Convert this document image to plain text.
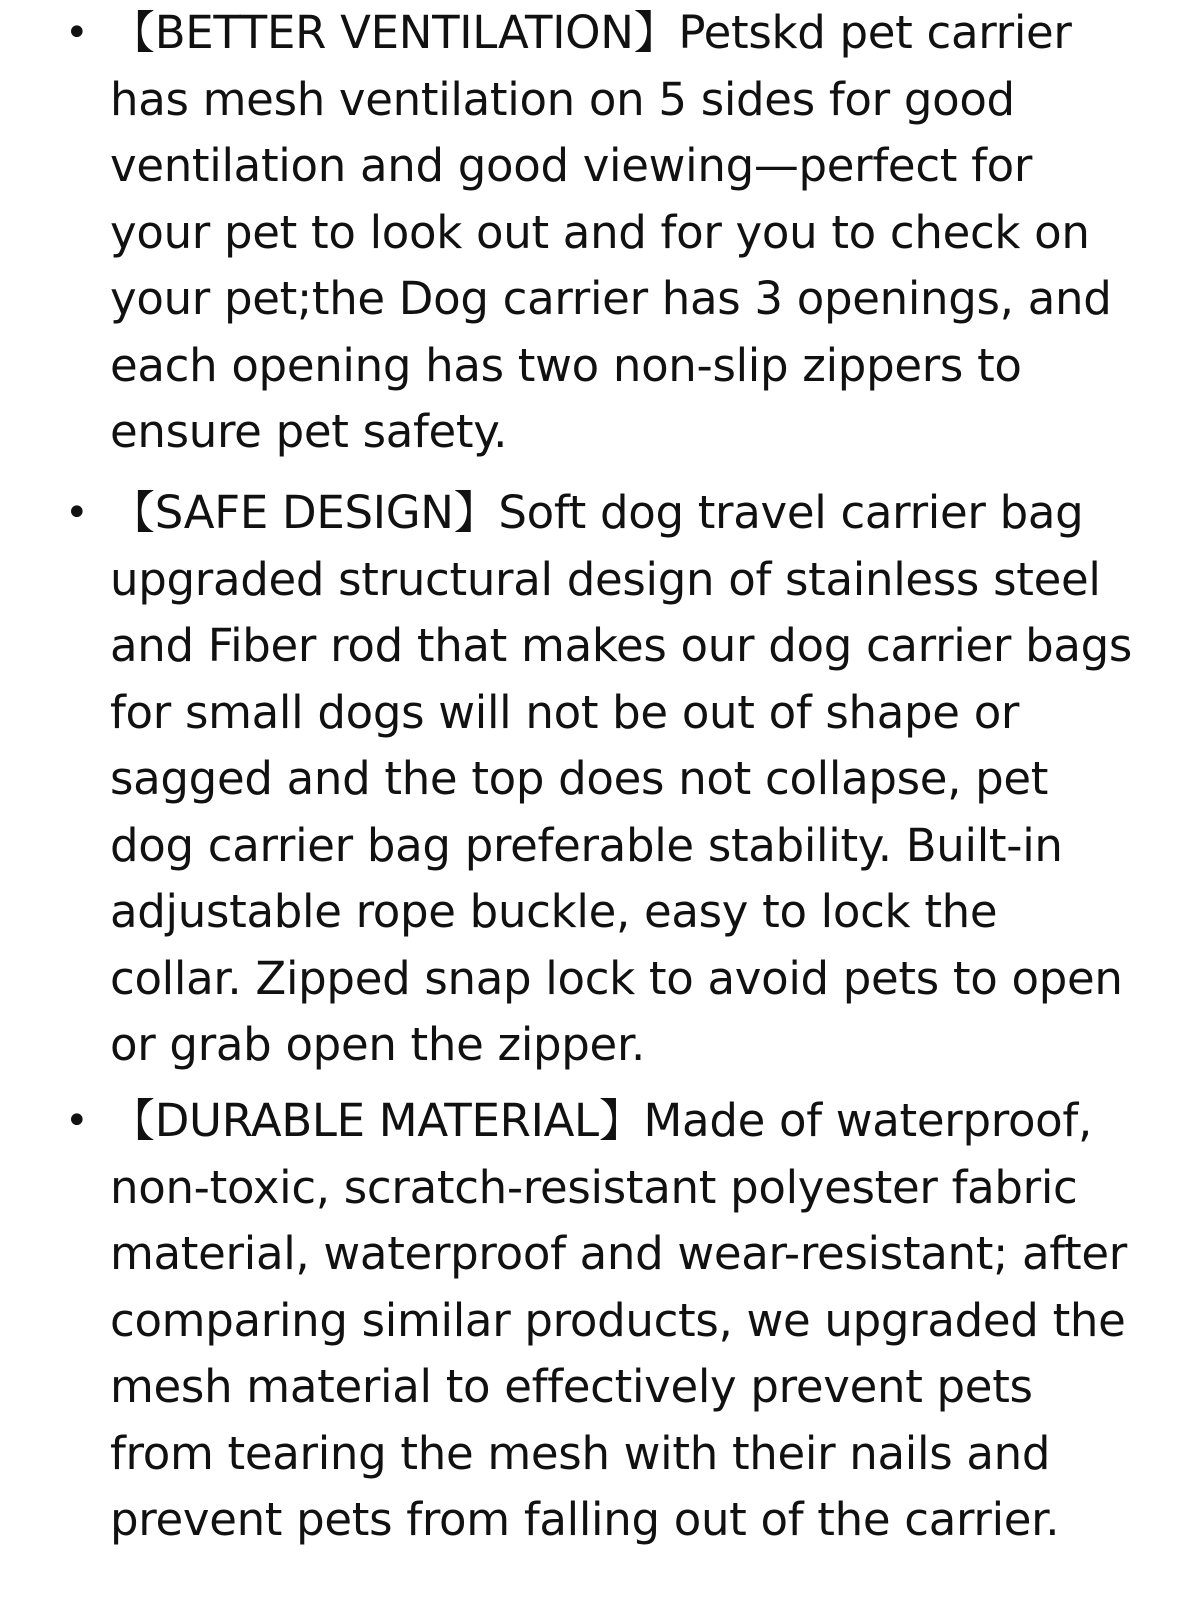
• 【BETTER VENTILATION】Petskd pet carrier
has mesh ventilation on 5 sides for good
ventilation and good viewing—perfect for
your pet to look out and for you to check on
your pet;the Dog carrier has 3 openings, and
each opening has two non-slip zippers to
ensure pet safety.
• 【SAFE DESIGN】Soft dog travel carrier bag
upgraded structural design of stainless steel
and Fiber rod that makes our dog carrier bags
for small dogs will not be out of shape or
sagged and the top does not collapse, pet
dog carrier bag preferable stability. Built-in
adjustable rope buckle, easy to lock the
collar. Zipped snap lock to avoid pets to open
or grab open the zipper.
• 【DURABLE MATERIAL】Made of waterproof,
non-toxic, scratch-resistant polyester fabric
material, waterproof and wear-resistant; after
comparing similar products, we upgraded the
mesh material to effectively prevent pets
from tearing the mesh with their nails and
prevent pets from falling out of the carrier.
